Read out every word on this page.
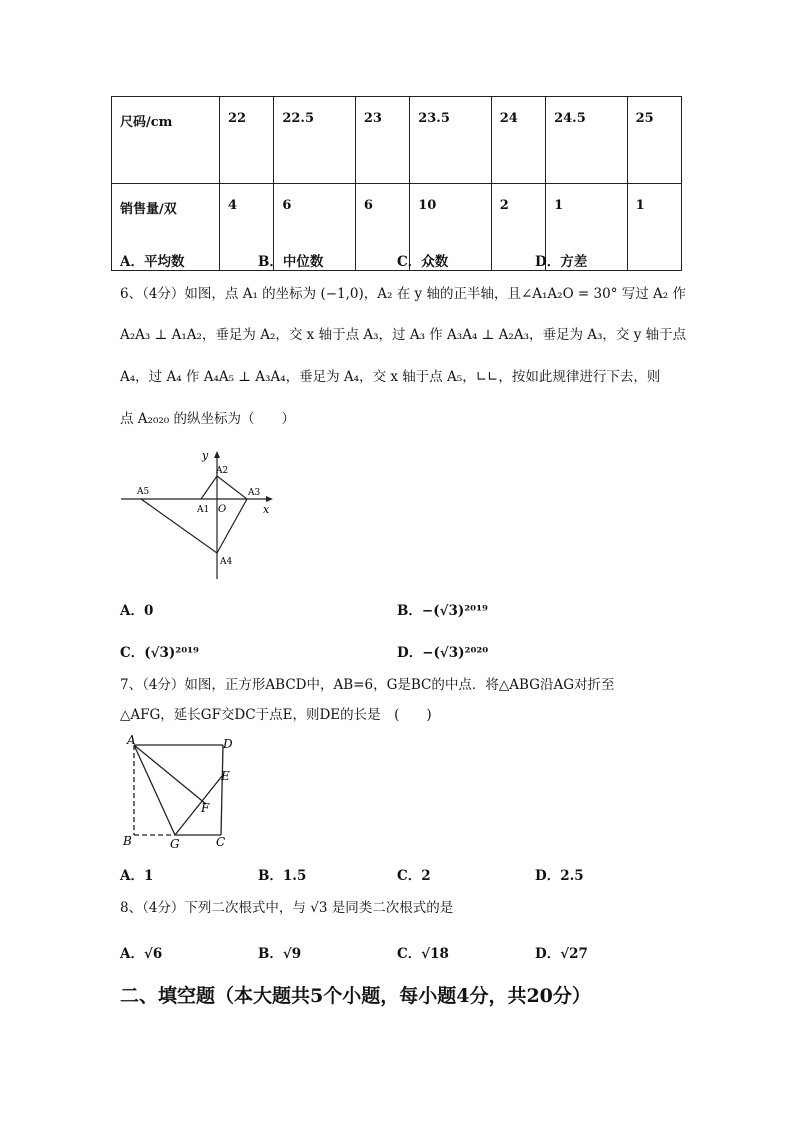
尺码/cm	22	22.5	23	23.5	24	24.5	25
销售量/双	4	6	6	10	2	1	1
A．平均数	B．中位数	C．众数	D．方差
6、（4分）如图，点 A₁ 的坐标为 (−1,0)，A₂ 在 y 轴的正半轴，且∠A₁A₂O = 30° 写过 A₂ 作
A₂A₃ ⊥ A₁A₂，垂足为 A₂，交 x 轴于点 A₃，过 A₃ 作 A₃A₄ ⊥ A₂A₃，垂足为 A₃，交 y 轴于点
A₄，过 A₄ 作 A₄A₅ ⊥ A₃A₄，垂足为 A₄，交 x 轴于点 A₅，∟∟，按如此规律进行下去，则
点 A₂₀₂₀ 的纵坐标为（　　）
y
x
O
A1
A2
A3
A4
A5
A．0	B．−(√3)²⁰¹⁹
C．(√3)²⁰¹⁹	D．−(√3)²⁰²⁰
7、（4分）如图，正方形ABCD中，AB=6，G是BC的中点．将△ABG沿AG对折至
△AFG，延长GF交DC于点E，则DE的长是　(　　)
A
B	C
D
E
F
G
A．1	B．1.5	C．2	D．2.5
8、（4分）下列二次根式中，与 √3 是同类二次根式的是
A．√6	B．√9	C．√18	D．√27
二、填空题（本大题共5个小题，每小题4分，共20分）
